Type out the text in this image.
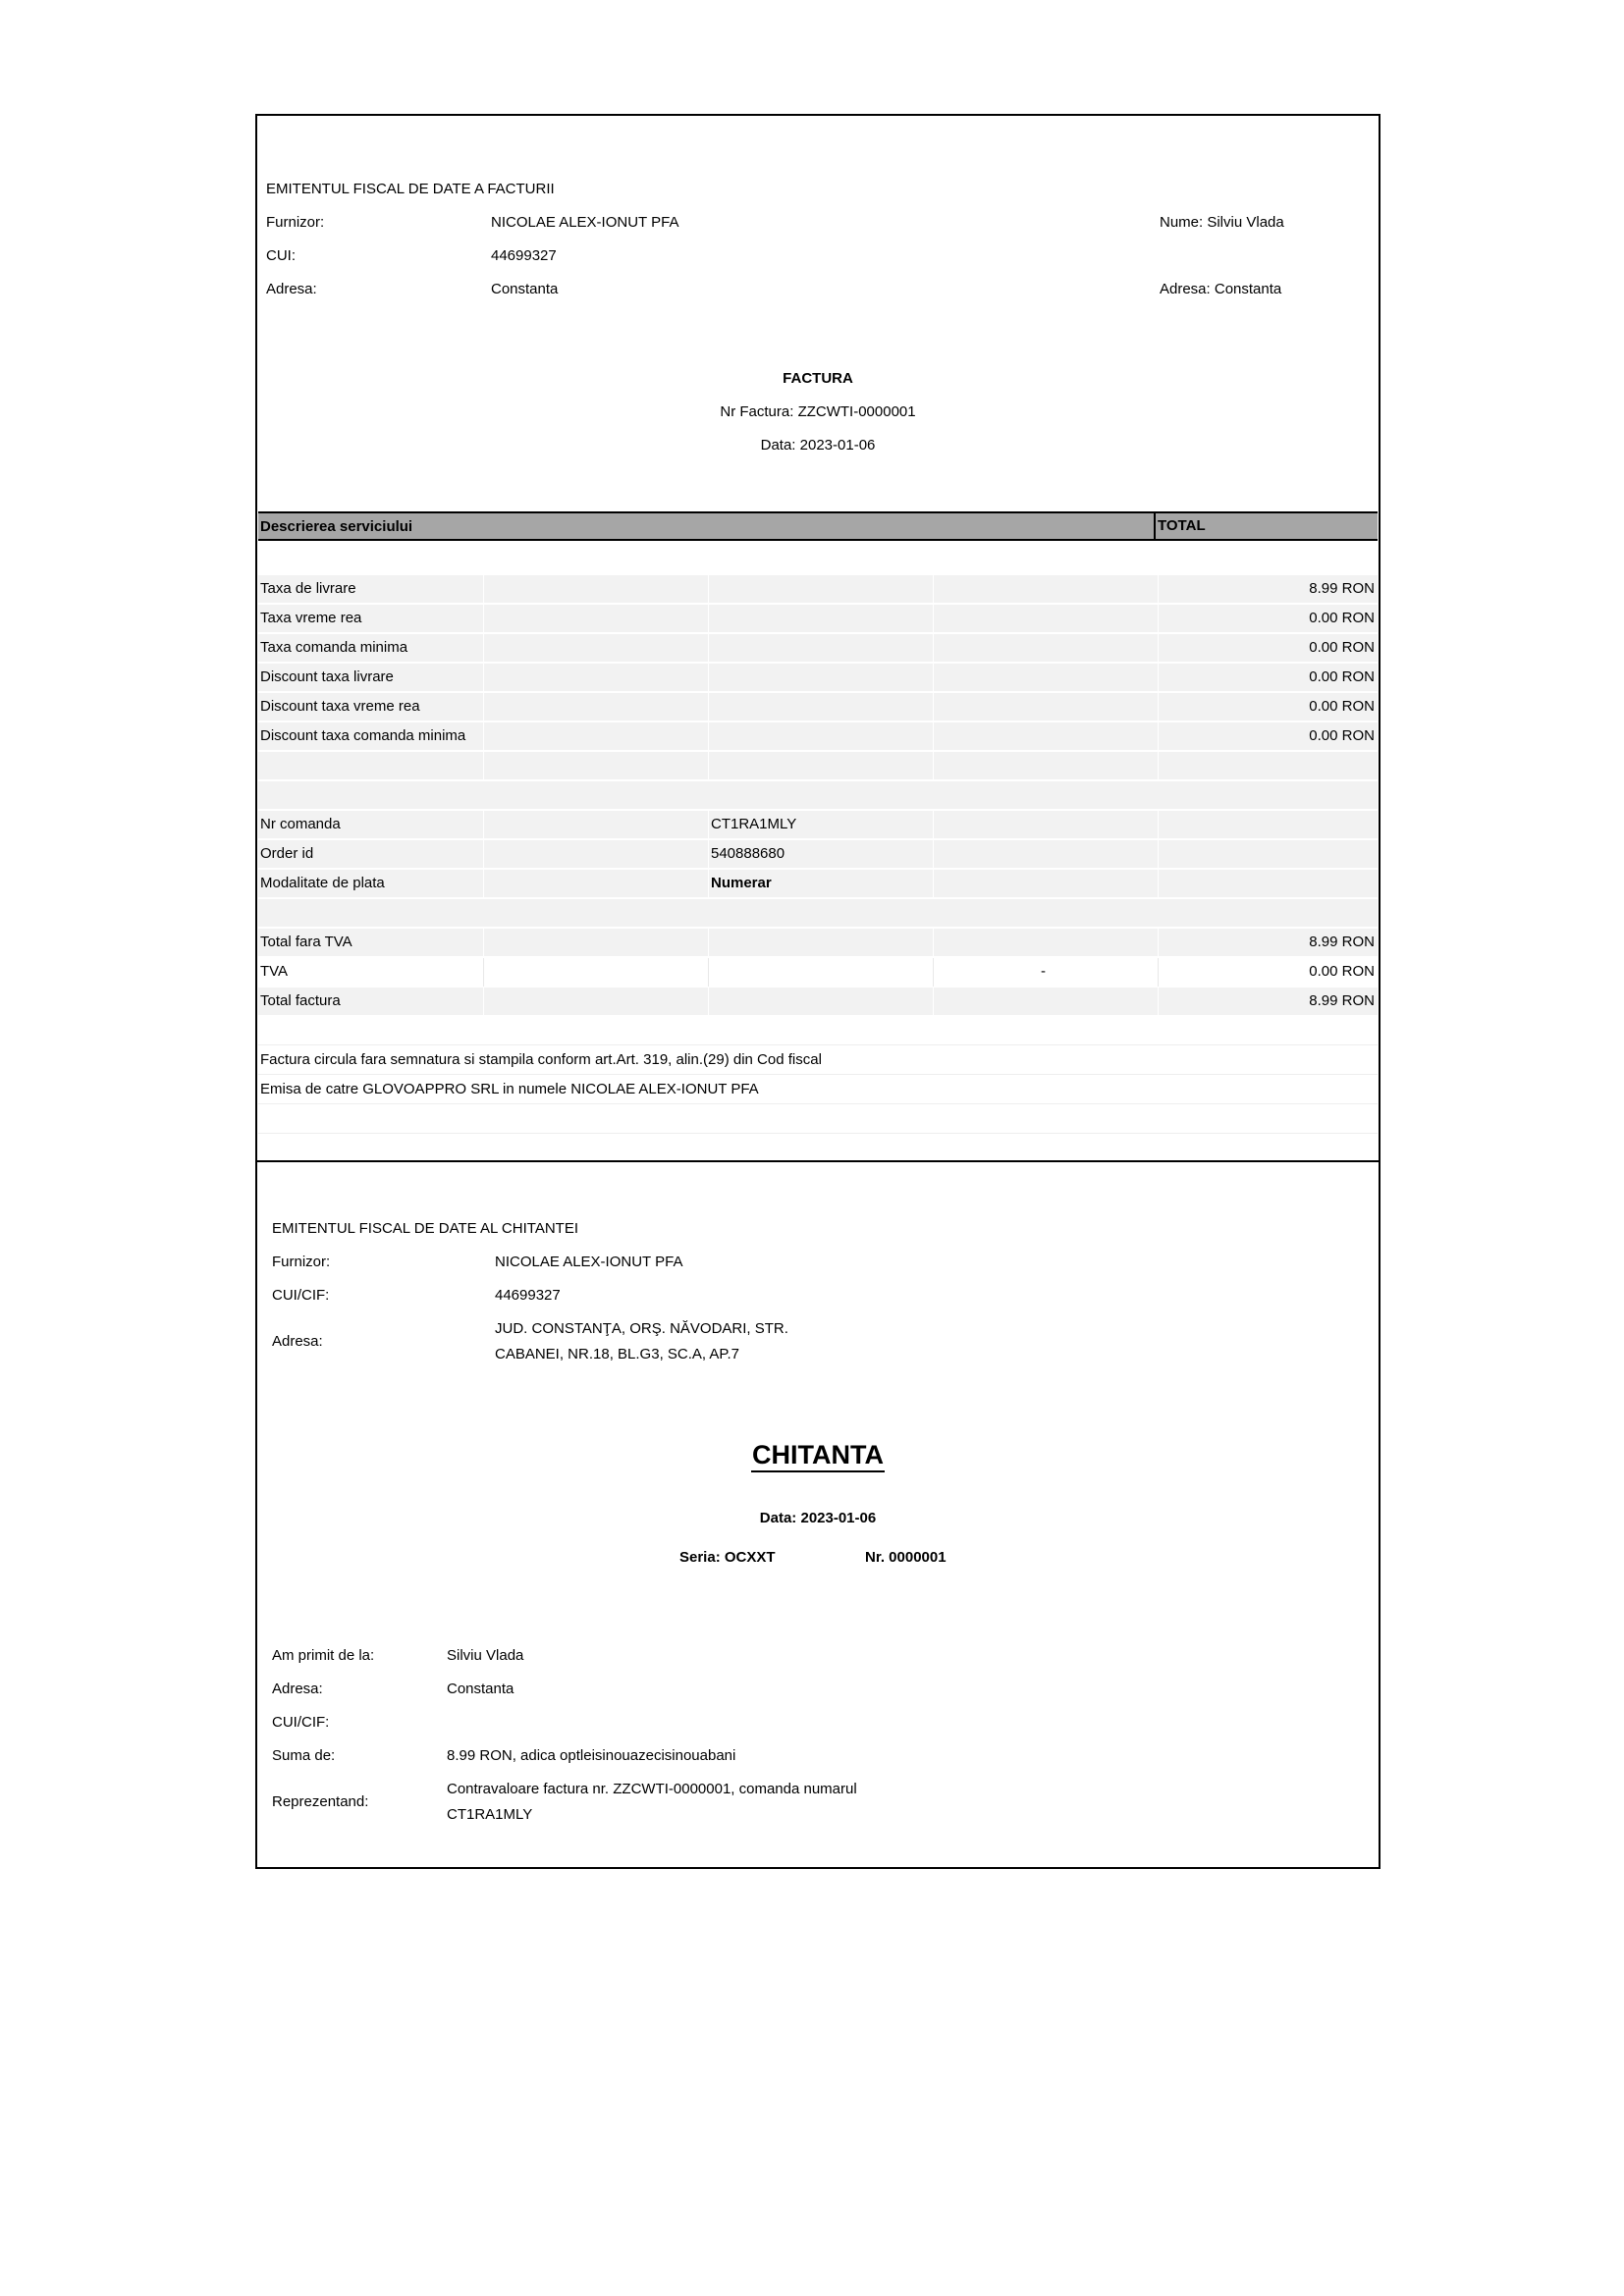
EMITENTUL FISCAL DE DATE A FACTURII
Furnizor:	NICOLAE ALEX-IONUT PFA	Nume: Silviu Vlada
CUI:	44699327
Adresa:	Constanta	Adresa: Constanta
FACTURA
Nr Factura: ZZCWTI-0000001
Data: 2023-01-06
Descrierea serviciului	TOTAL
Taxa de livrare	8.99 RON
Taxa vreme rea	0.00 RON
Taxa comanda minima	0.00 RON
Discount taxa livrare	0.00 RON
Discount taxa vreme rea	0.00 RON
Discount taxa comanda minima	0.00 RON
Nr comanda	CT1RA1MLY
Order id	540888680
Modalitate de plata	Numerar
Total fara TVA	8.99 RON
TVA	-	0.00 RON
Total factura	8.99 RON
Factura circula fara semnatura si stampila conform art.Art. 319, alin.(29) din Cod fiscal
Emisa de catre GLOVOAPPRO SRL in numele NICOLAE ALEX-IONUT PFA
EMITENTUL FISCAL DE DATE AL CHITANTEI
Furnizor:	NICOLAE ALEX-IONUT PFA
CUI/CIF:	44699327
Adresa:
JUD. CONSTANŢA, ORŞ. NĂVODARI, STR.
CABANEI, NR.18, BL.G3, SC.A, AP.7
CHITANTA
Data: 2023-01-06
Seria: OCXXT	Nr. 0000001
Am primit de la:	Silviu Vlada
Adresa:	Constanta
CUI/CIF:
Suma de:	8.99 RON, adica optleisinouazecisinouabani
Reprezentand:
Contravaloare factura nr. ZZCWTI-0000001, comanda numarul
CT1RA1MLY
